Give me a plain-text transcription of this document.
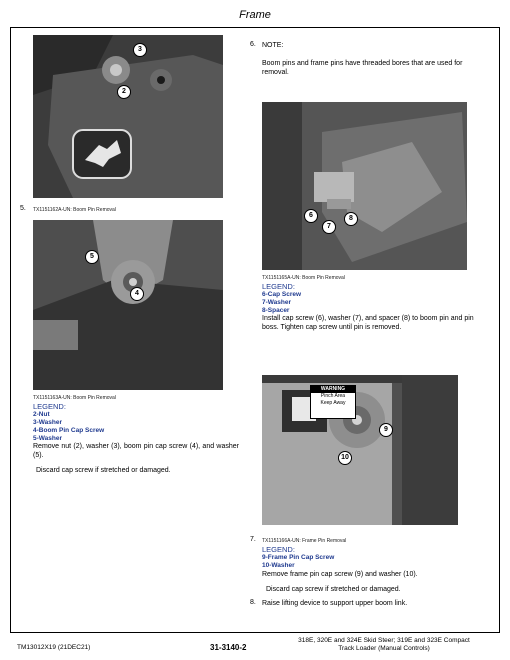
Frame
3
2
5. TX1151162A-UN: Boom Pin Removal
5
4
TX1151163A-UN: Boom Pin Removal
LEGEND:
2-Nut
3-Washer
4-Boom Pin Cap Screw
5-Washer
Remove nut (2), washer (3), boom pin cap screw (4), and washer (5).
Discard cap screw if stretched or damaged.
6. NOTE:
Boom pins and frame pins have threaded bores that are used for removal.
6
7
8
TX1151165A-UN: Boom Pin Removal
LEGEND:
6-Cap Screw
7-Washer
8-Spacer
Install cap screw (6), washer (7), and spacer (8) to boom pin and pin boss. Tighten cap screw until pin is removed.
WARNING
Pinch Area
Keep Away
9
10
7. TX1151166A-UN: Frame Pin Removal
LEGEND:
9-Frame Pin Cap Screw
10-Washer
Remove frame pin cap screw (9) and washer (10).
Discard cap screw if stretched or damaged.
8. Raise lifting device to support upper boom link.
TM13012X19 (21DEC21)	31-3140-2
318E, 320E and 324E Skid Steer; 319E and 323E Compact
Track Loader (Manual Controls)
